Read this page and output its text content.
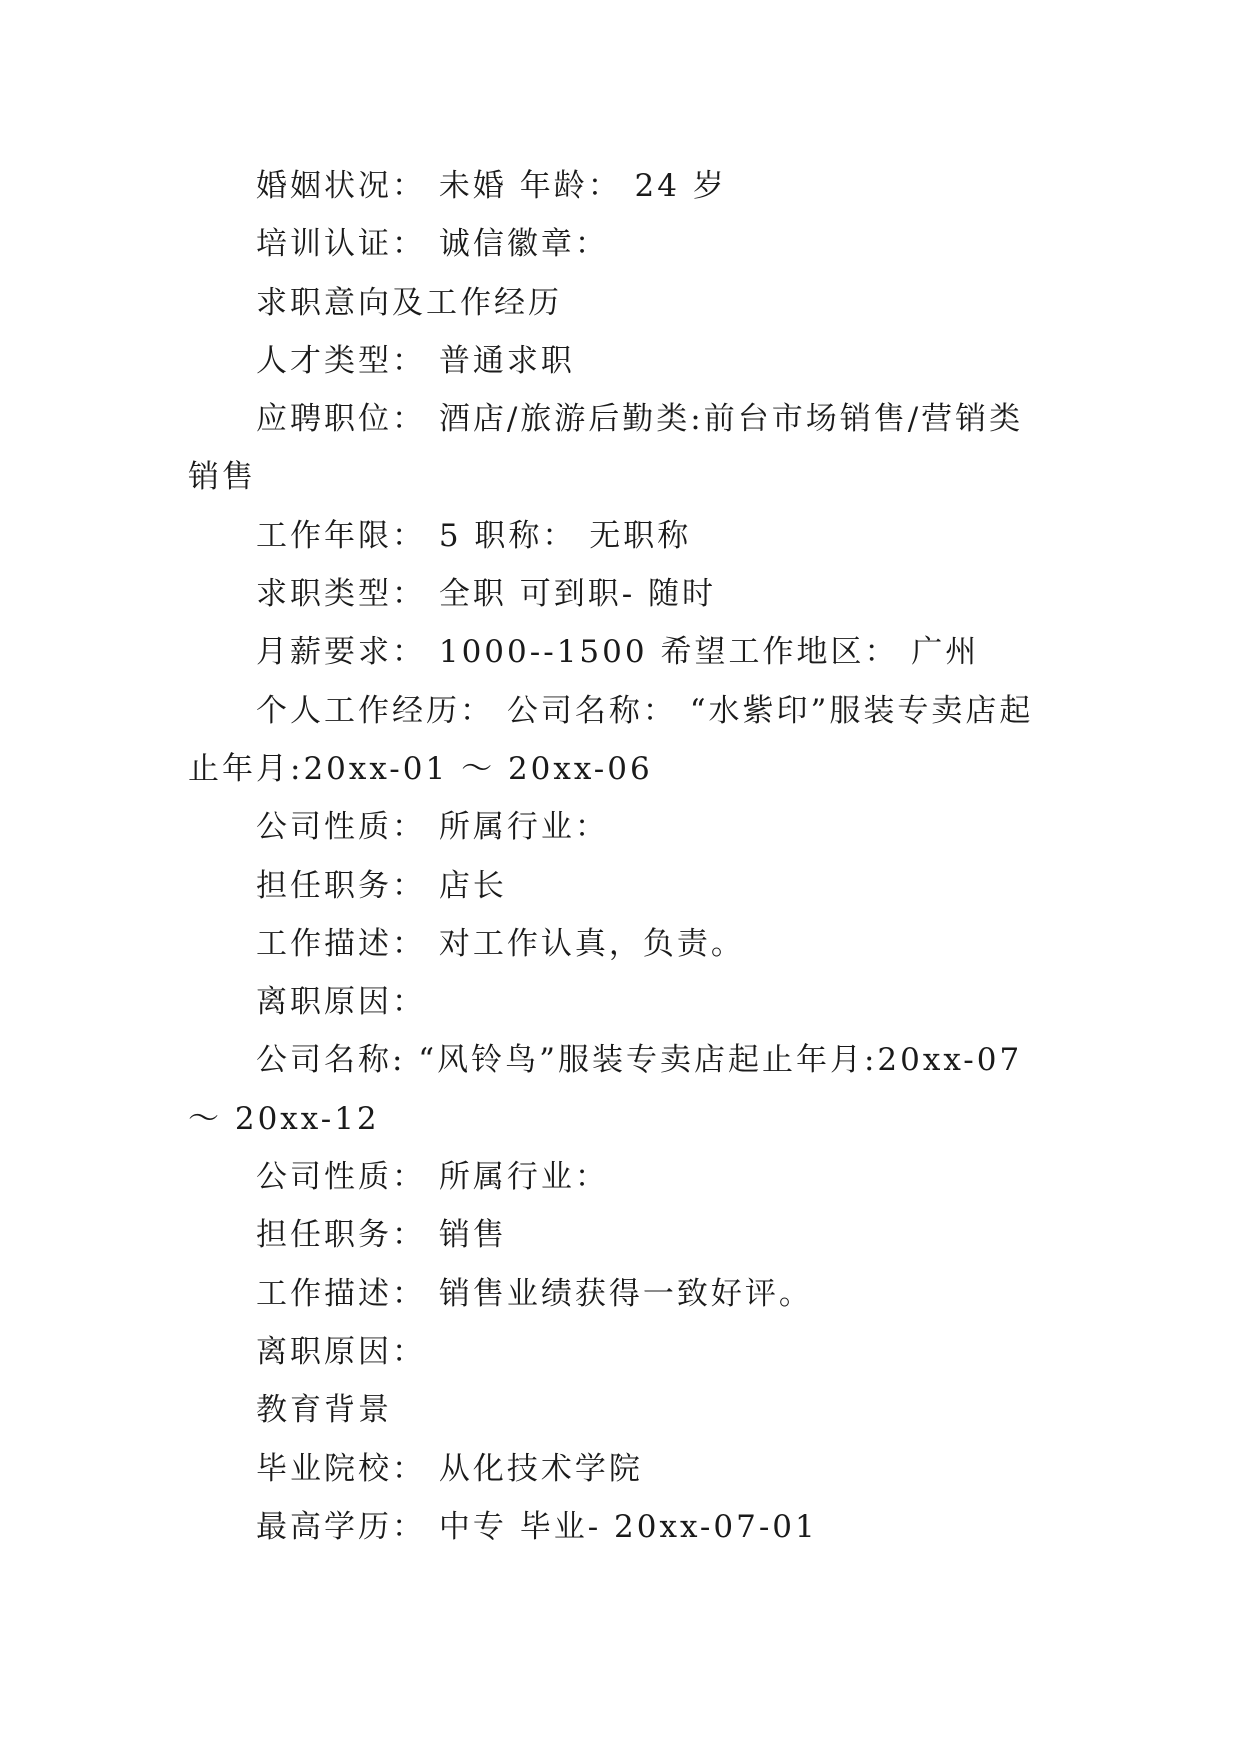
婚姻状况： 未婚 年龄： 24 岁

培训认证： 诚信徽章：

求职意向及工作经历

人才类型： 普通求职

应聘职位： 酒店/旅游后勤类:前台市场销售/营销类销售

工作年限： 5 职称： 无职称

求职类型： 全职 可到职- 随时

月薪要求： 1000--1500 希望工作地区： 广州

个人工作经历： 公司名称： “水紫印”服装专卖店起止年月:20xx-01 ～ 20xx-06

公司性质： 所属行业：

担任职务： 店长

工作描述： 对工作认真，负责。

离职原因：

公司名称: “风铃鸟”服装专卖店起止年月:20xx-07 ～ 20xx-12

公司性质： 所属行业：

担任职务： 销售

工作描述： 销售业绩获得一致好评。

离职原因：

教育背景

毕业院校： 从化技术学院

最高学历： 中专 毕业- 20xx-07-01
